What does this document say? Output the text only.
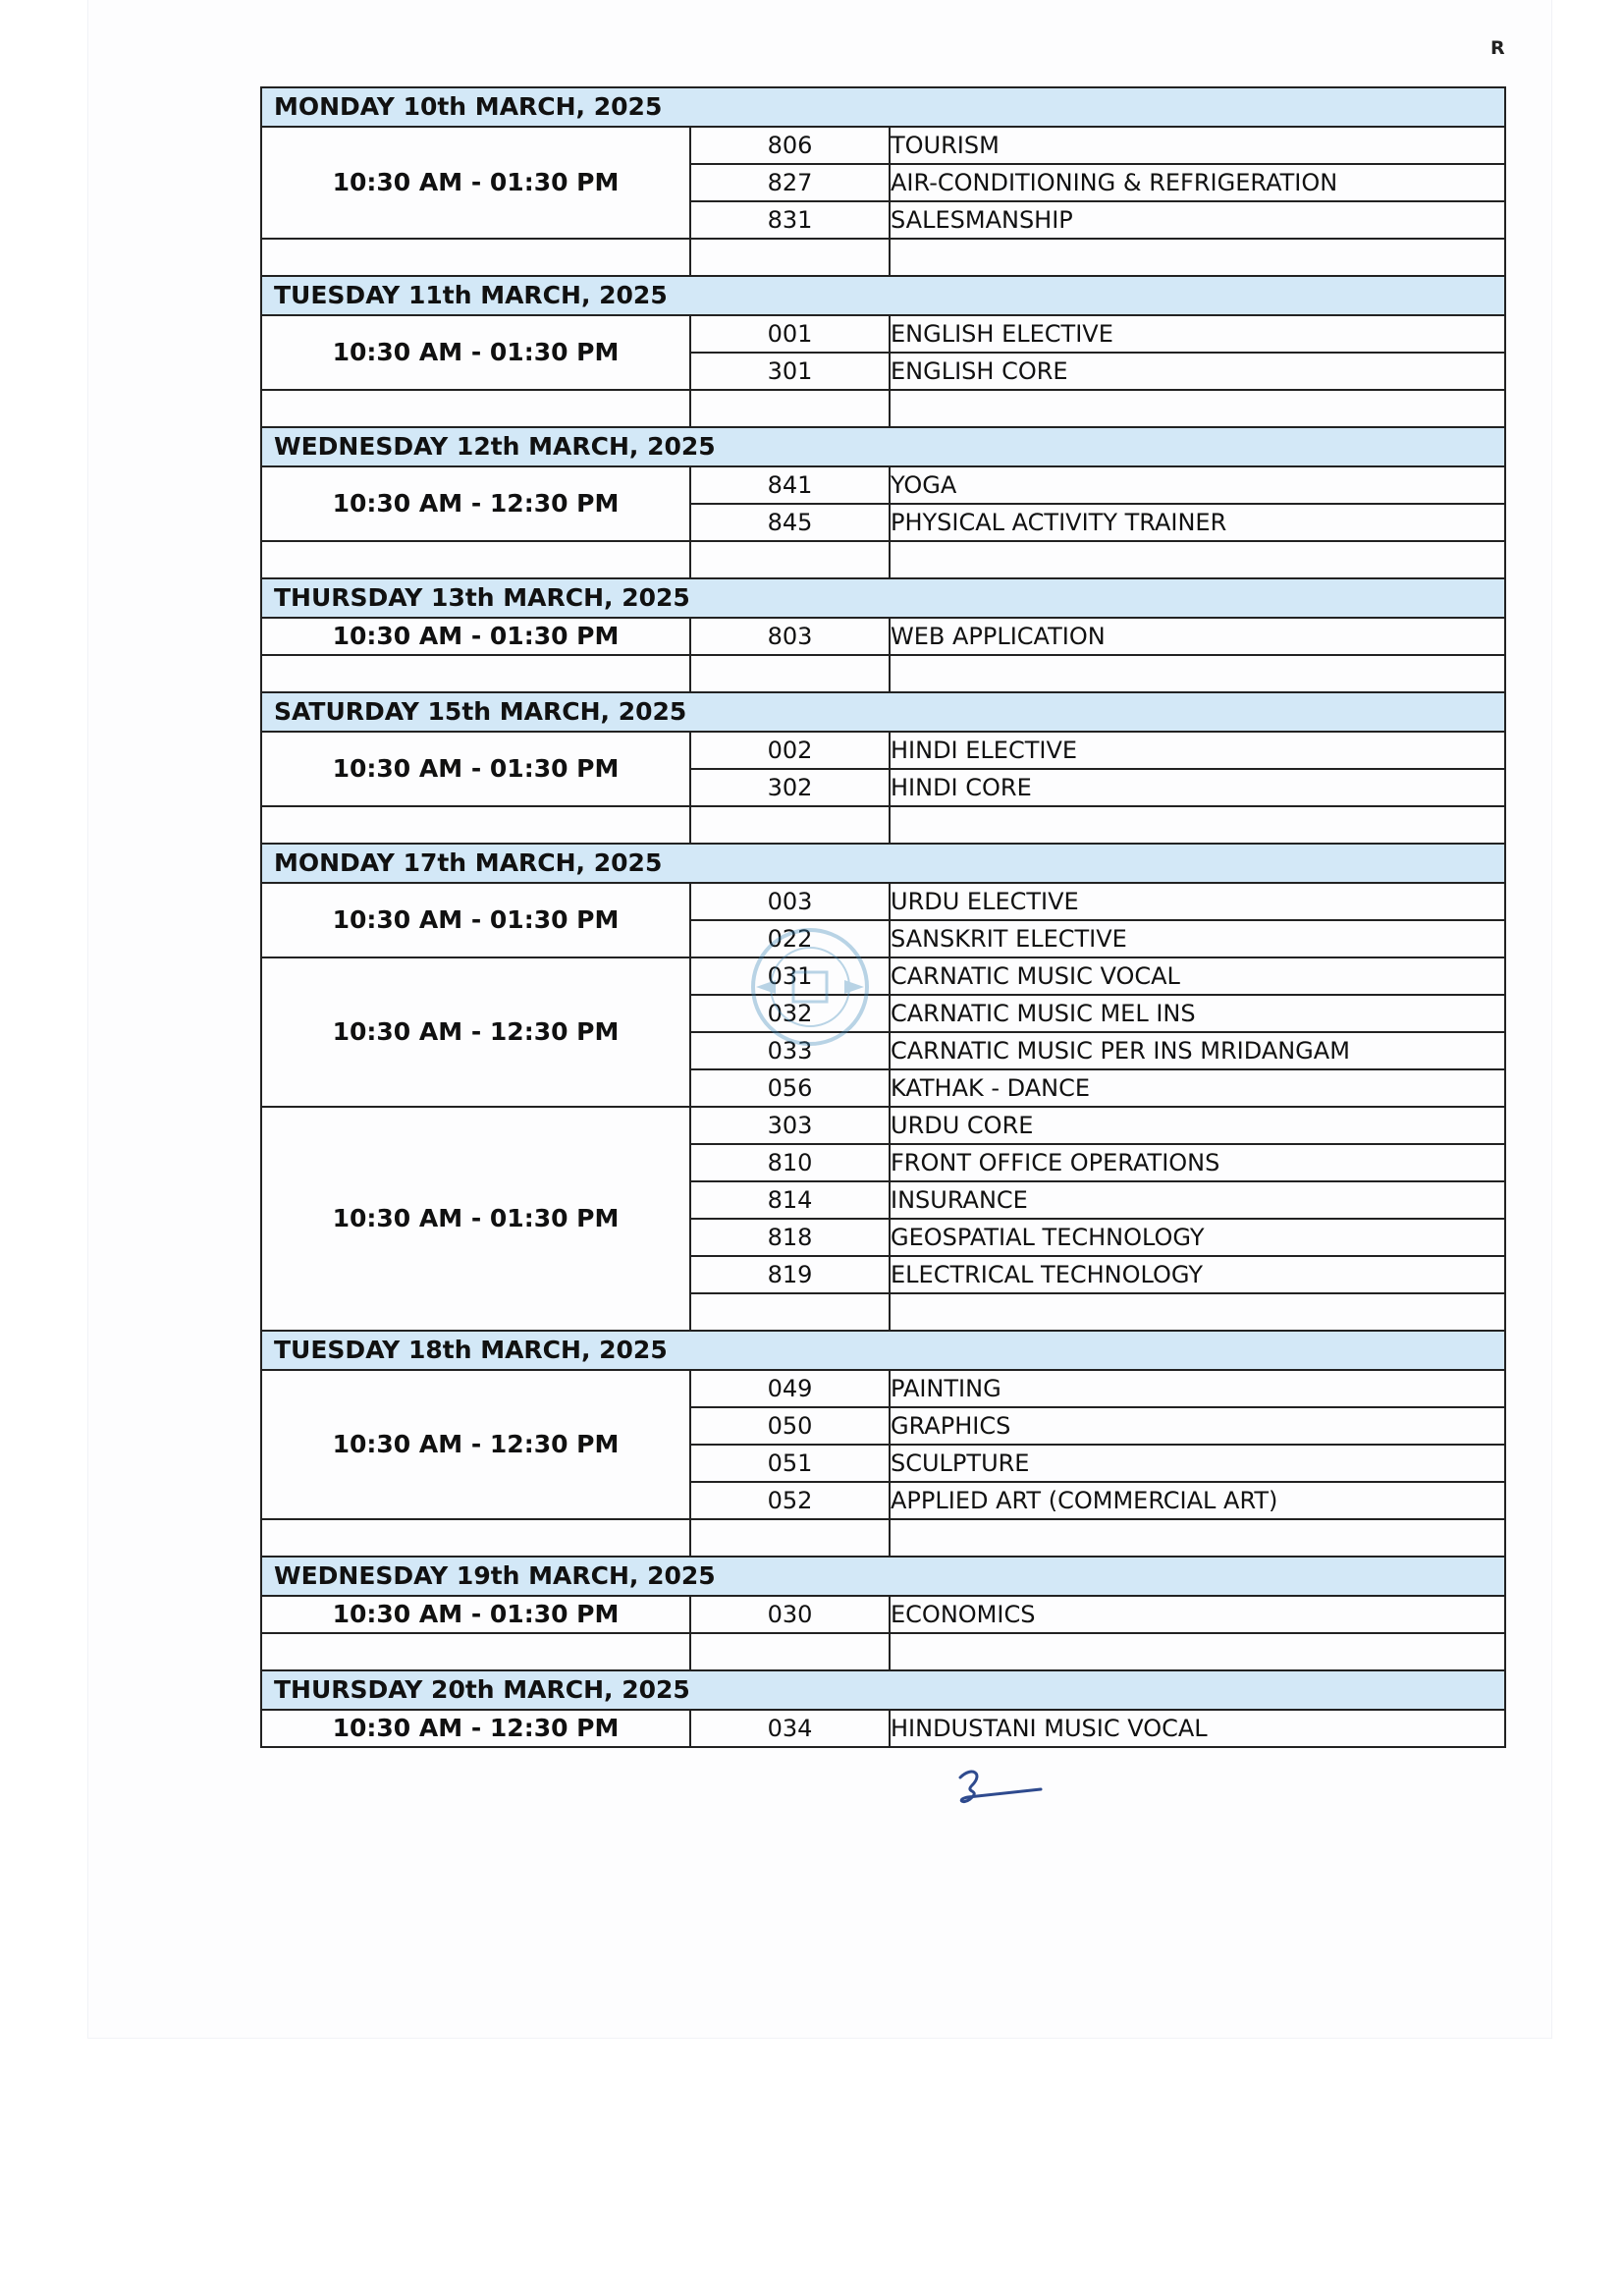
R
MONDAY 10th MARCH, 2025		
10:30 AM - 01:30 PM	806	TOURISM
	827	AIR-CONDITIONING & REFRIGERATION
	831	SALESMANSHIP

TUESDAY 11th MARCH, 2025		
10:30 AM - 01:30 PM	001	ENGLISH ELECTIVE
	301	ENGLISH CORE

WEDNESDAY 12th MARCH, 2025		
10:30 AM - 12:30 PM	841	YOGA
	845	PHYSICAL ACTIVITY TRAINER

THURSDAY 13th MARCH, 2025		
10:30 AM - 01:30 PM	803	WEB APPLICATION

SATURDAY 15th MARCH, 2025		
10:30 AM - 01:30 PM	002	HINDI ELECTIVE
	302	HINDI CORE

MONDAY 17th MARCH, 2025		
10:30 AM - 01:30 PM	003	URDU ELECTIVE
	022	SANSKRIT ELECTIVE
10:30 AM - 12:30 PM	031	CARNATIC MUSIC VOCAL
	032	CARNATIC MUSIC MEL INS
	033	CARNATIC MUSIC PER INS MRIDANGAM
	056	KATHAK - DANCE
10:30 AM - 01:30 PM	303	URDU CORE
	810	FRONT OFFICE OPERATIONS
	814	INSURANCE
	818	GEOSPATIAL TECHNOLOGY
	819	ELECTRICAL TECHNOLOGY

TUESDAY 18th MARCH, 2025		
10:30 AM - 12:30 PM	049	PAINTING
	050	GRAPHICS
	051	SCULPTURE
	052	APPLIED ART (COMMERCIAL ART)

WEDNESDAY 19th MARCH, 2025		
10:30 AM - 01:30 PM	030	ECONOMICS

THURSDAY 20th MARCH, 2025		
10:30 AM - 12:30 PM	034	HINDUSTANI MUSIC VOCAL
